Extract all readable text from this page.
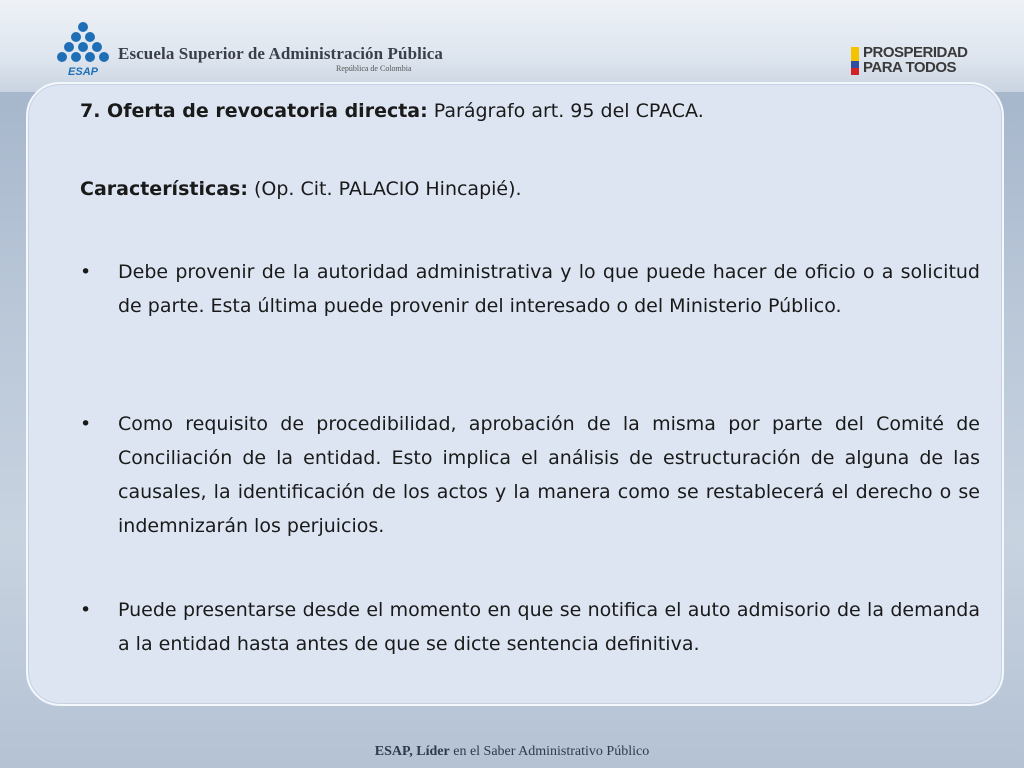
ESAP
Escuela Superior de Administración Pública
República de Colombia
PROSPERIDAD
PARA TODOS

7. Oferta de revocatoria directa: Parágrafo art. 95 del CPACA.

Características: (Op. Cit. PALACIO Hincapié).

•	Debe provenir de la autoridad administrativa y lo que puede hacer de oficio o a solicitud de parte. Esta última puede provenir del interesado o del Ministerio Público.
•	Como requisito de procedibilidad, aprobación de la misma por parte del Comité de Conciliación de la entidad. Esto implica el análisis de estructuración de alguna de las causales, la identificación de los actos y la manera como se restablecerá el derecho o se indemnizarán los perjuicios.
•	Puede presentarse desde el momento en que se notifica el auto admisorio de la demanda a la entidad hasta antes de que se dicte sentencia definitiva.
ESAP, Líder en el Saber Administrativo Público
